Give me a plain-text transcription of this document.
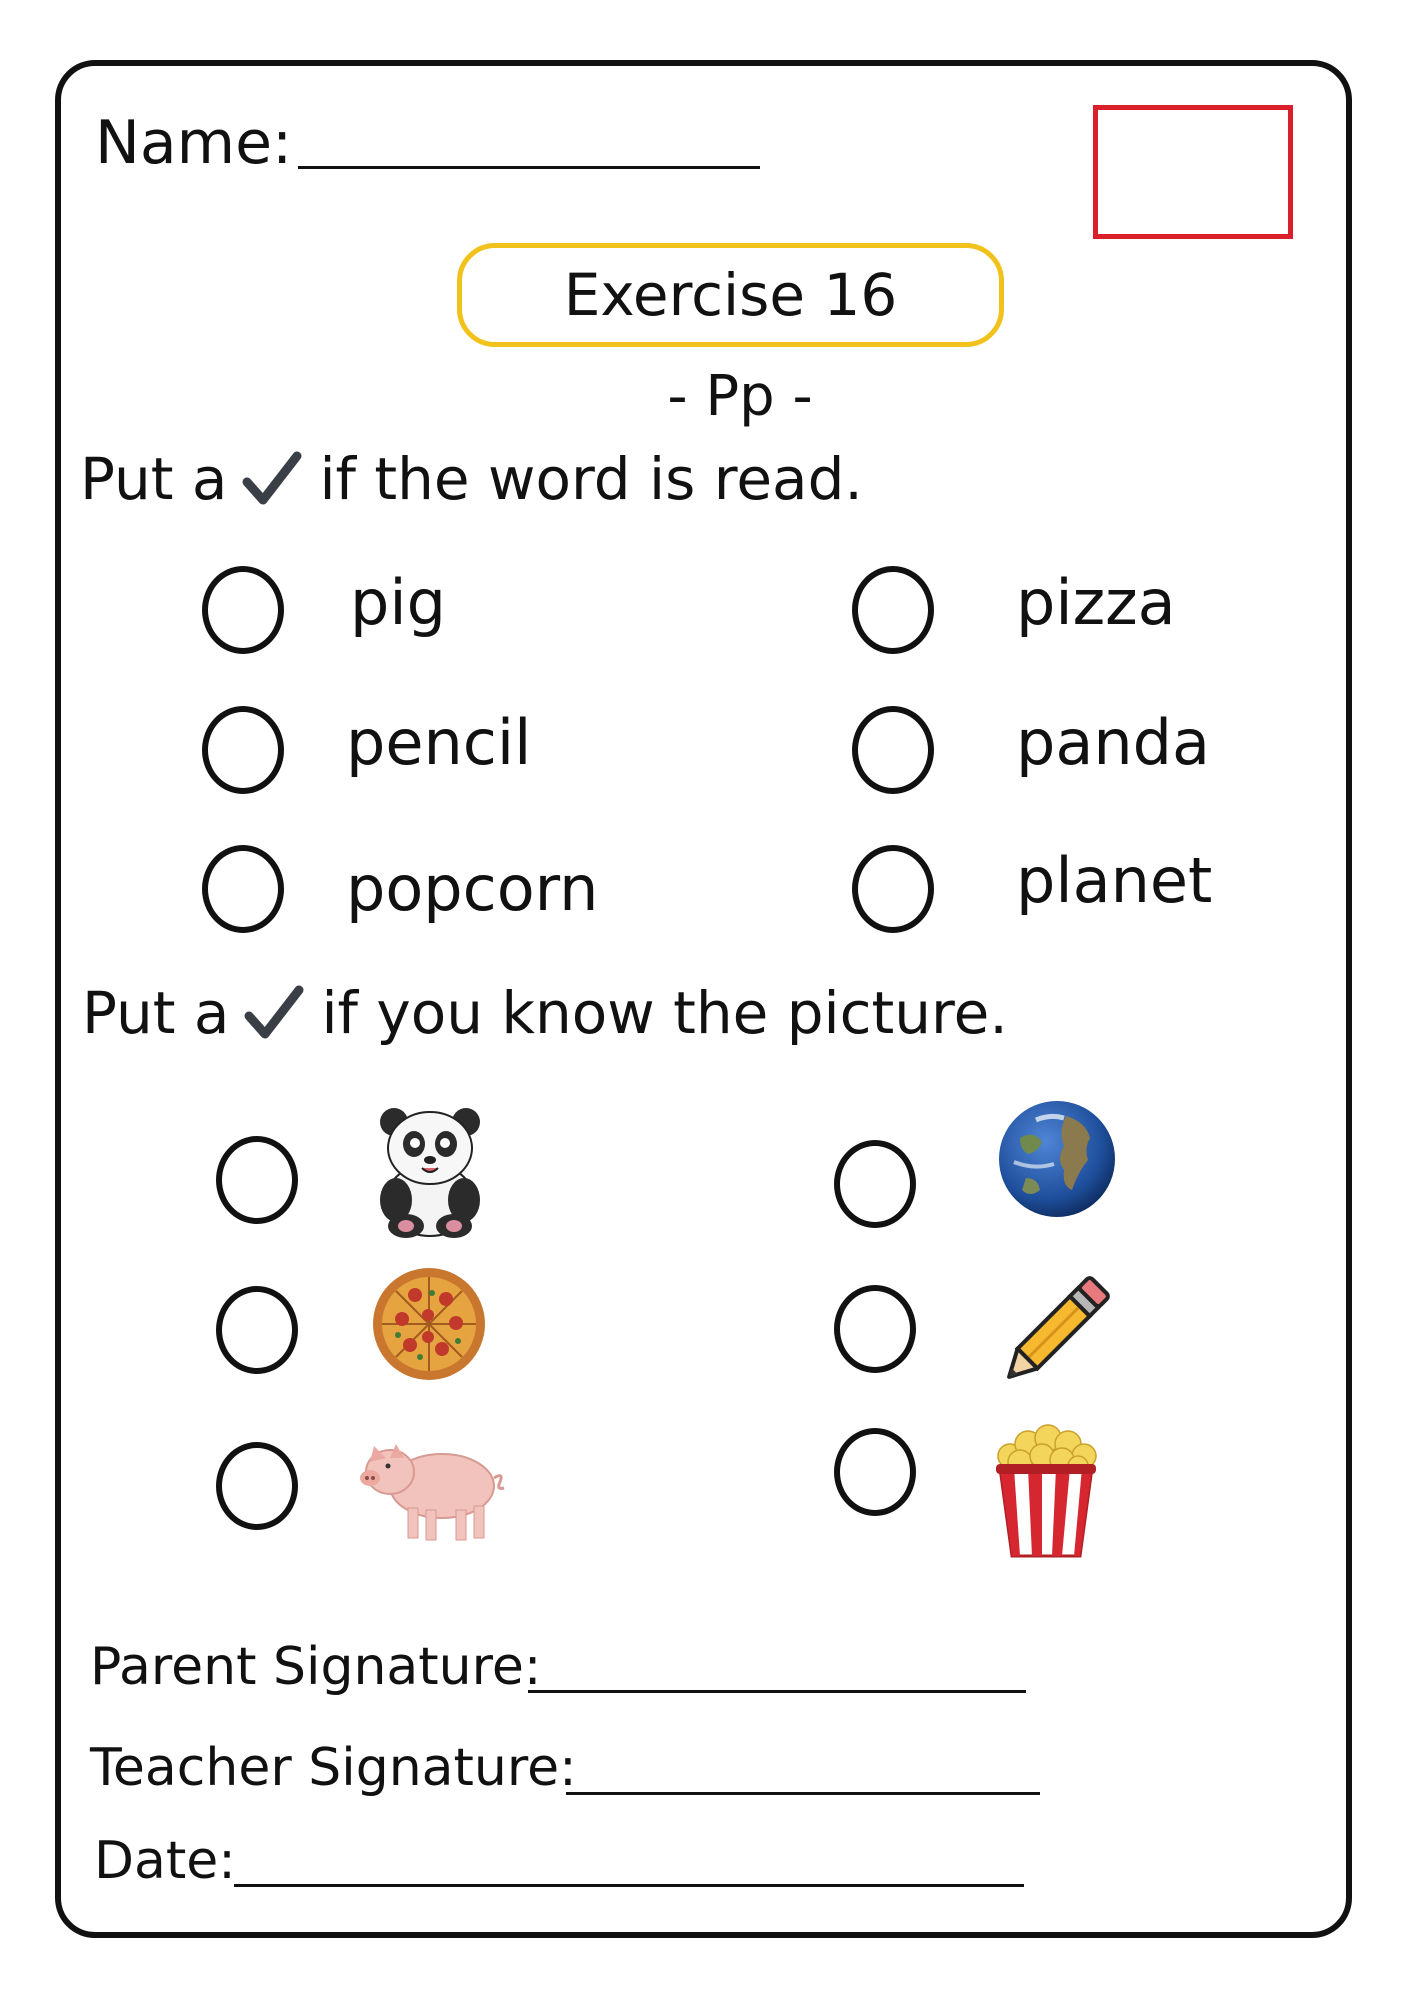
Name:
Exercise 16
- Pp -
Put a if the word is read.
pig
pencil
popcorn
pizza
panda
planet
Put a if you know the picture.
Parent Signature:
Teacher Signature:
Date:
